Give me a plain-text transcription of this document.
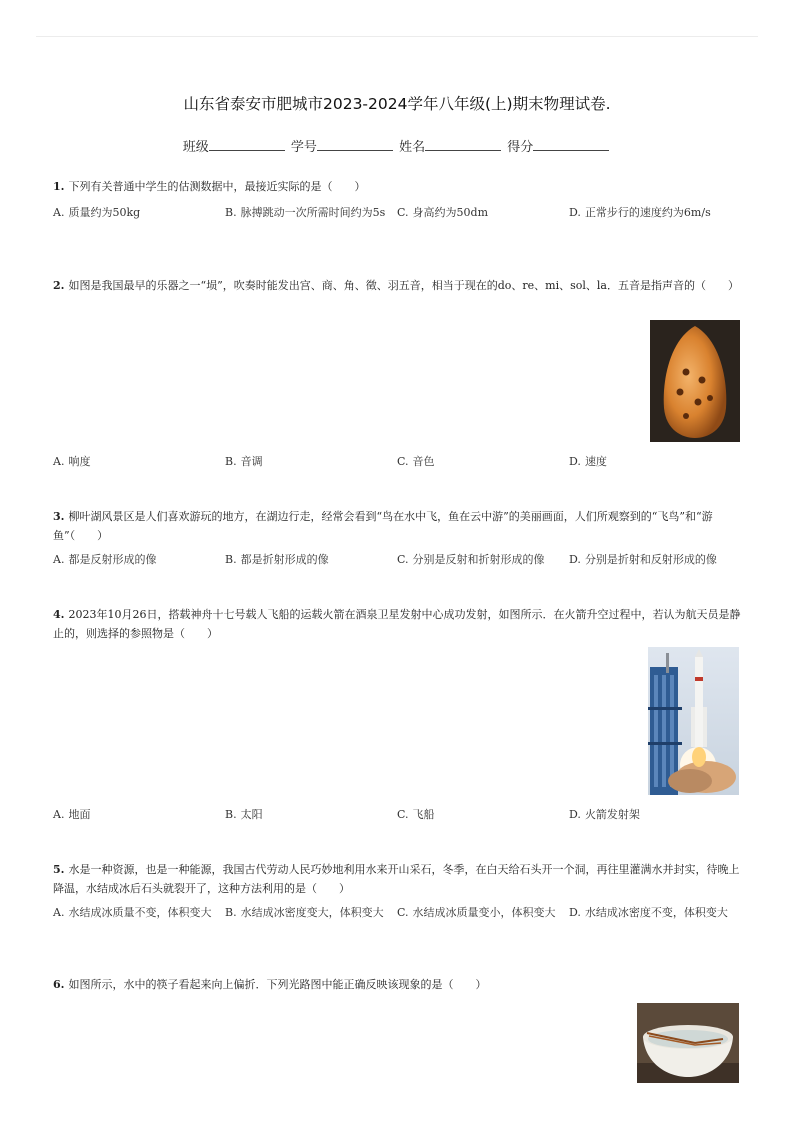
山东省泰安市肥城市2023-2024学年八年级(上)期末物理试卷.
班级	学号	姓名	得分
1. 下列有关普通中学生的估测数据中，最接近实际的是（　　）
A. 质量约为50kg	B. 脉搏跳动一次所需时间约为5s	C. 身高约为50dm	D. 正常步行的速度约为6m/s
2. 如图是我国最早的乐器之一“埙”，吹奏时能发出宫、商、角、徵、羽五音，相当于现在的do、re、mi、sol、la．五音是指声音的（　　）
A. 响度	B. 音调	C. 音色	D. 速度
3. 柳叶湖风景区是人们喜欢游玩的地方，在湖边行走，经常会看到“鸟在水中飞，鱼在云中游”的美丽画面，人们所观察到的“飞鸟”和“游鱼”（　　）
A. 都是反射形成的像	B. 都是折射形成的像	C. 分别是反射和折射形成的像	D. 分别是折射和反射形成的像
4. 2023年10月26日，搭载神舟十七号载人飞船的运载火箭在酒泉卫星发射中心成功发射，如图所示．在火箭升空过程中，若认为航天员是静止的，则选择的参照物是（　　）
A. 地面	B. 太阳	C. 飞船	D. 火箭发射架
5. 水是一种资源，也是一种能源，我国古代劳动人民巧妙地利用水来开山采石，冬季，在白天给石头开一个洞，再往里灌满水并封实，待晚上降温，水结成冰后石头就裂开了，这种方法利用的是（　　）
A. 水结成冰质量不变，体积变大	B. 水结成冰密度变大，体积变大	C. 水结成冰质量变小，体积变大	D. 水结成冰密度不变，体积变大
6. 如图所示，水中的筷子看起来向上偏折．下列光路图中能正确反映该现象的是（　　）
